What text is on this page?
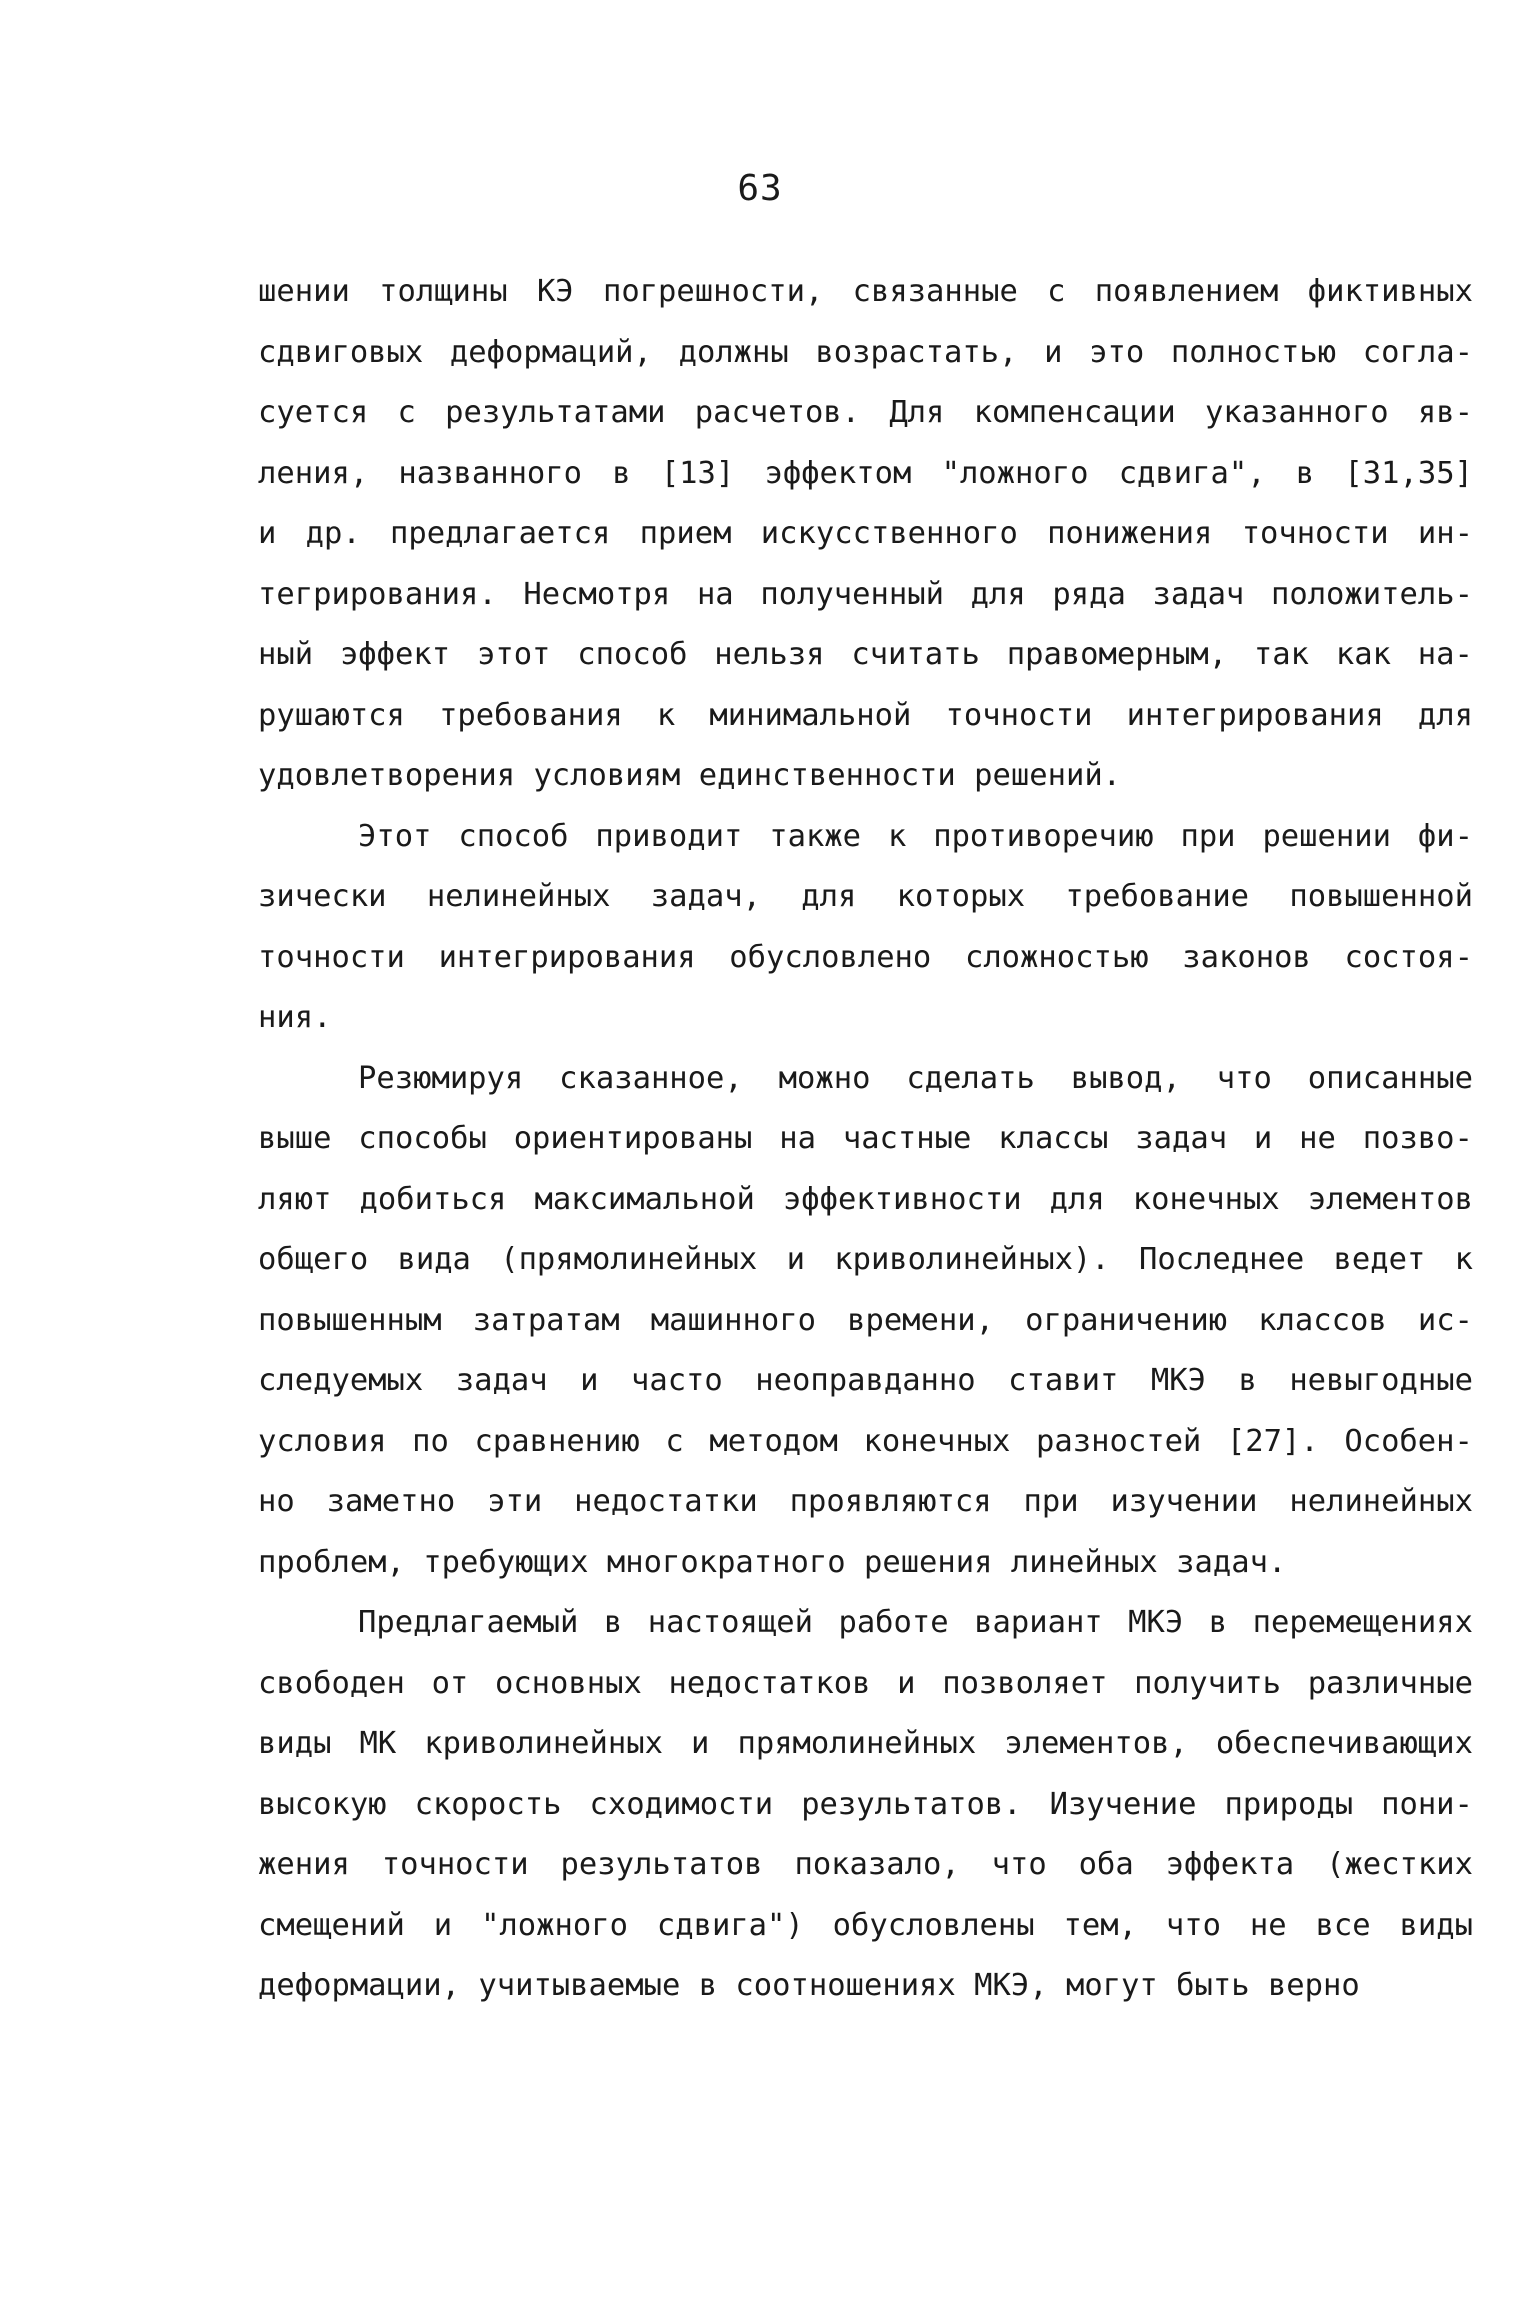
63
шении толщины КЭ погрешности, связанные с появлением фиктивных
сдвиговых деформаций, должны возрастать, и это полностью согла-
суется с результатами расчетов. Для компенсации указанного яв-
ления, названного в [13] эффектом "ложного сдвига", в [31,35]
и др. предлагается прием искусственного понижения точности ин-
тегрирования. Несмотря на полученный для ряда задач положитель-
ный эффект этот способ нельзя считать правомерным, так как на-
рушаются требования к минимальной точности интегрирования для
удовлетворения условиям единственности решений.
Этот способ приводит также к противоречию при решении фи-
зически нелинейных задач, для которых требование повышенной
точности интегрирования обусловлено сложностью законов состоя-
ния.
Резюмируя сказанное, можно сделать вывод, что описанные
выше способы ориентированы на частные классы задач и не позво-
ляют добиться максимальной эффективности для конечных элементов
общего вида (прямолинейных и криволинейных). Последнее ведет к
повышенным затратам машинного времени, ограничению классов ис-
следуемых задач и часто неоправданно ставит МКЭ в невыгодные
условия по сравнению с методом конечных разностей [27]. Особен-
но заметно эти недостатки проявляются при изучении нелинейных
проблем, требующих многократного решения линейных задач.
Предлагаемый в настоящей работе вариант МКЭ в перемещениях
свободен от основных недостатков и позволяет получить различные
виды МК криволинейных и прямолинейных элементов, обеспечивающих
высокую скорость сходимости результатов. Изучение природы пони-
жения точности результатов показало, что оба эффекта (жестких
смещений и "ложного сдвига") обусловлены тем, что не все виды
деформации, учитываемые в соотношениях МКЭ, могут быть верно
